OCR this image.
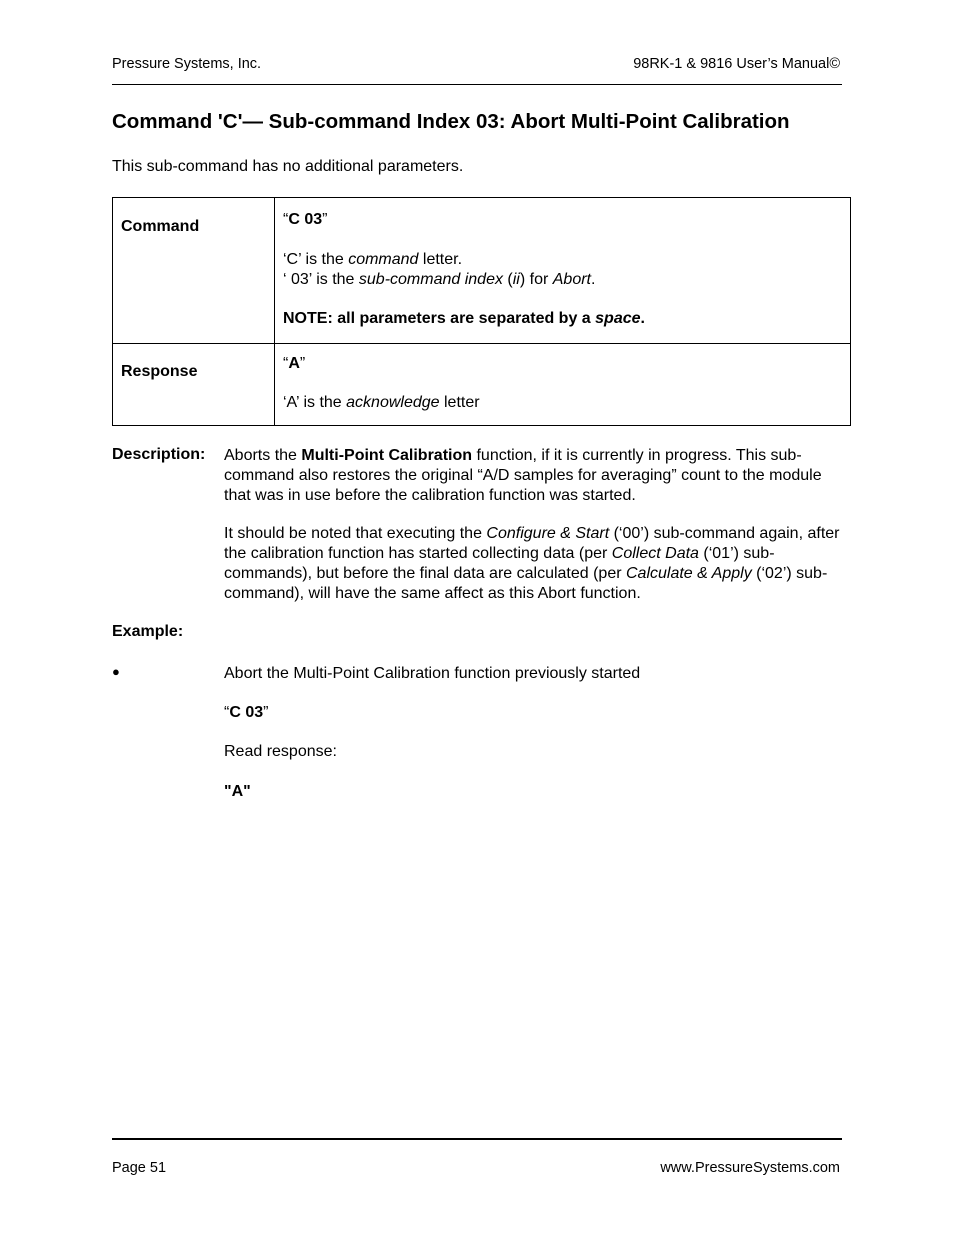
Pressure Systems, Inc.	98RK-1 & 9816 User’s Manual©
Command 'C'— Sub-command Index 03: Abort Multi-Point Calibration
This sub-command has no additional parameters.
Command	“C 03”

‘C’ is the command letter.

‘ 03’ is the sub-command index (ii) for Abort.

NOTE: all parameters are separated by a space.

Response	“A”

‘A’ is the acknowledge letter

Description: Aborts the Multi-Point Calibration function, if it is currently in progress. This sub-command also restores the original “A/D samples for averaging” count to the module that was in use before the calibration function was started.
It should be noted that executing the Configure & Start (‘00’) sub-command again, after the calibration function has started collecting data (per Collect Data (‘01’) sub-commands), but before the final data are calculated (per Calculate & Apply (‘02’) sub-command), will have the same affect as this Abort function.
Example:
●	Abort the Multi-Point Calibration function previously started
“C 03”
Read response:
"A"
Page 51	www.PressureSystems.com
